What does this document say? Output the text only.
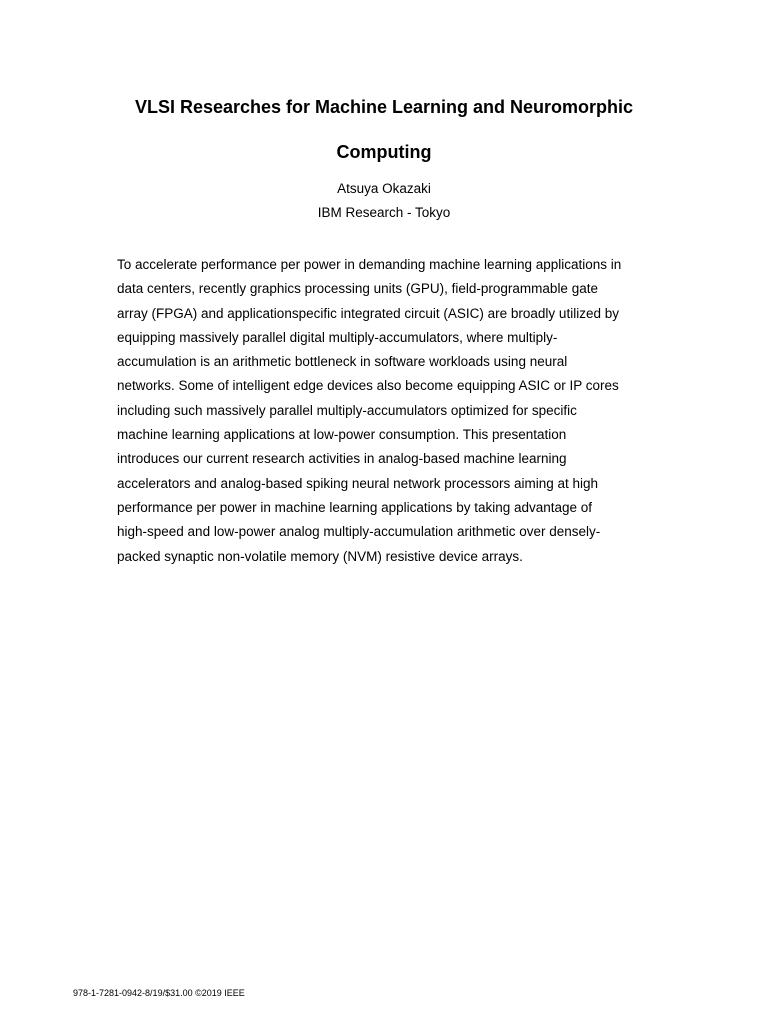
VLSI Researches for Machine Learning and Neuromorphic
Computing

Atsuya Okazaki

IBM Research - Tokyo

To accelerate performance per power in demanding machine learning applications in
data centers, recently graphics processing units (GPU), field-programmable gate
array (FPGA) and applicationspecific integrated circuit (ASIC) are broadly utilized by
equipping massively parallel digital multiply-accumulators, where multiply-
accumulation is an arithmetic bottleneck in software workloads using neural
networks. Some of intelligent edge devices also become equipping ASIC or IP cores
including such massively parallel multiply-accumulators optimized for specific
machine learning applications at low-power consumption. This presentation
introduces our current research activities in analog-based machine learning
accelerators and analog-based spiking neural network processors aiming at high
performance per power in machine learning applications by taking advantage of
high-speed and low-power analog multiply-accumulation arithmetic over densely-
packed synaptic non-volatile memory (NVM) resistive device arrays.

978-1-7281-0942-8/19/$31.00 ©2019 IEEE
